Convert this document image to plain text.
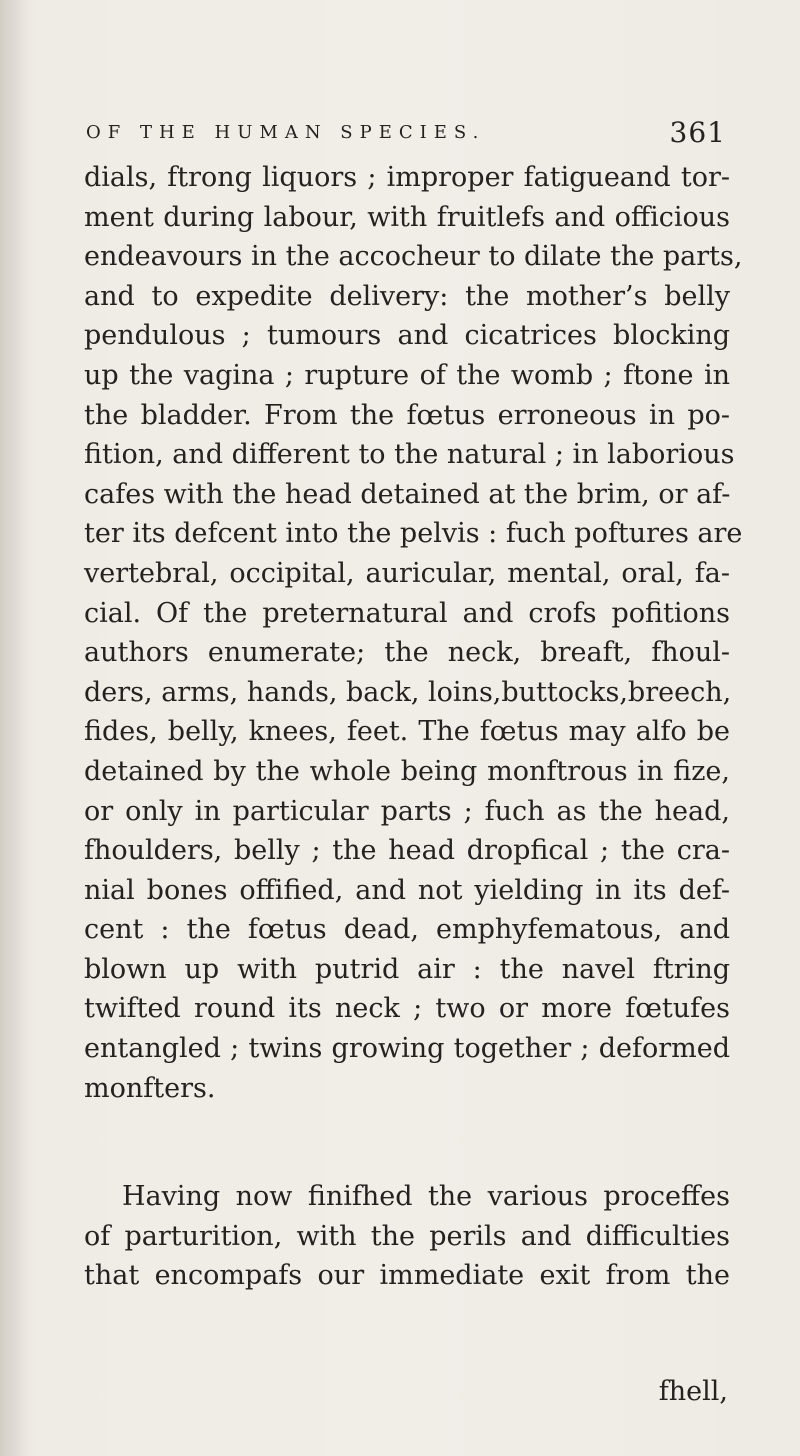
OF THE HUMAN SPECIES.	361
dials, ftrong liquors ; improper fatigueand tor-
ment during labour, with fruitlefs and officious
endeavours in the accocheur to dilate the parts,
and to expedite delivery: the mother’s belly
pendulous ; tumours and cicatrices blocking
up the vagina ; rupture of the womb ; ftone in
the bladder. From the fœtus erroneous in po-
fition, and different to the natural ; in laborious
cafes with the head detained at the brim, or af-
ter its defcent into the pelvis : fuch poftures are
vertebral, occipital, auricular, mental, oral, fa-
cial. Of the preternatural and crofs pofitions
authors enumerate; the neck, breaft, fhoul-
ders, arms, hands, back, loins,buttocks,breech,
fides, belly, knees, feet. The fœtus may alfo be
detained by the whole being monftrous in fize,
or only in particular parts ; fuch as the head,
fhoulders, belly ; the head dropfical ; the cra-
nial bones offified, and not yielding in its def-
cent : the fœtus dead, emphyfematous, and
blown up with putrid air : the navel ftring
twifted round its neck ; two or more fœtufes
entangled ; twins growing together ; deformed
monfters.
Having now finifhed the various proceffes
of parturition, with the perils and difficulties
that encompafs our immediate exit from the
fhell,
